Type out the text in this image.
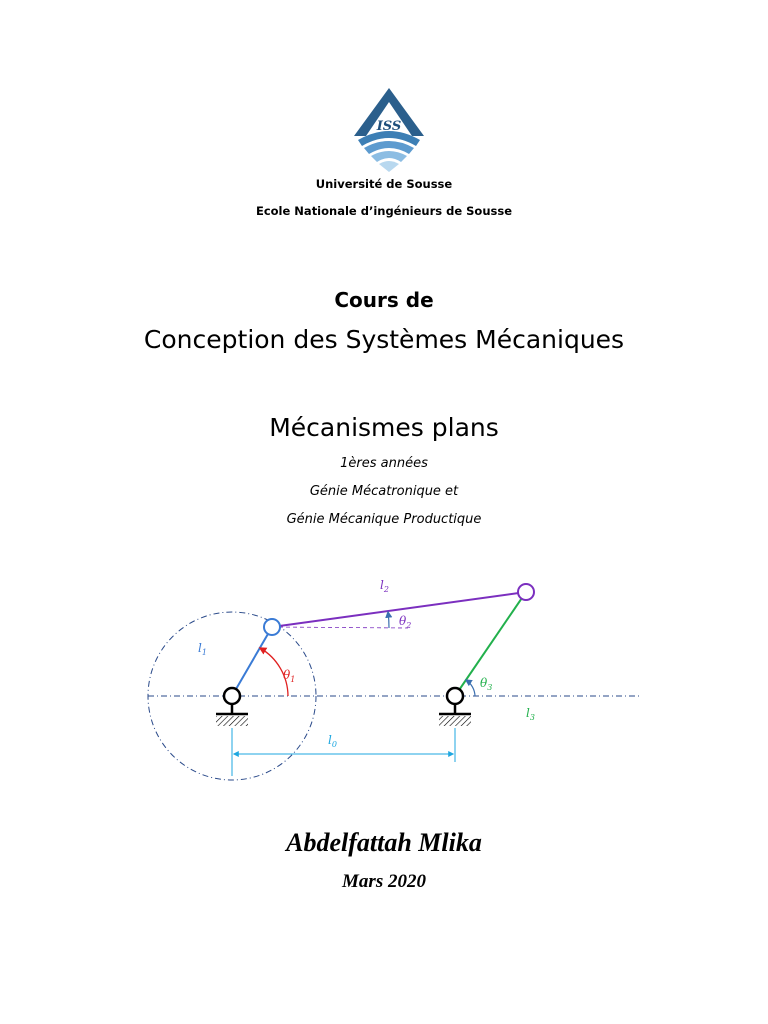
ISS
Université de Sousse
Ecole Nationale d’ingénieurs de Sousse
Cours de
Conception des Systèmes Mécaniques
Mécanismes plans
1ères années
Génie Mécatronique et
Génie Mécanique Productique
$l_1$
$l_2$
$l_3$
$l_0$
$\theta_1$
$\theta_2$
$\theta_3$
Abdelfattah Mlika
Mars 2020
